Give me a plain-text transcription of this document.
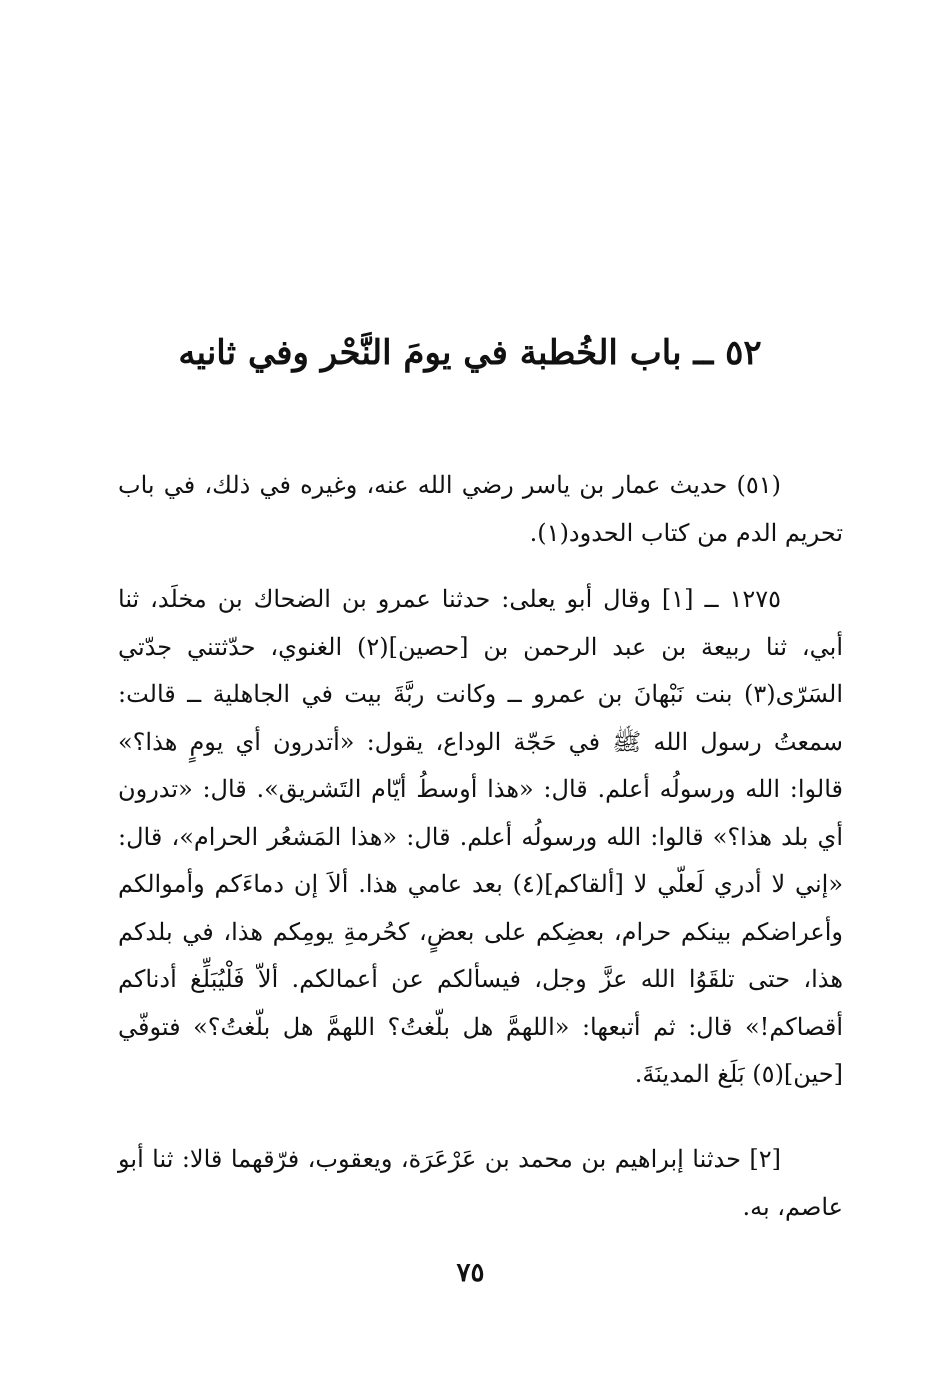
٥٢ ــ باب الخُطبة في يومَ النَّحْر وفي ثانيه

(٥١) حديث عمار بن ياسر رضي الله عنه، وغيره في ذلك، في باب تحريم الدم من كتاب الحدود(١).

١٢٧٥ ــ [١] وقال أبو يعلى: حدثنا عمرو بن الضحاك بن مخلَد، ثنا أبي، ثنا ربيعة بن عبد الرحمن بن [حصين](٢) الغنوي، حدّثتني جدّتي السَرّى(٣) بنت نَبْهانَ بن عمرو ــ وكانت ربَّةَ بيت في الجاهلية ــ قالت: سمعتُ رسول الله ﷺ في حَجّة الوداع، يقول: «أتدرون أي يومٍ هذا؟» قالوا: الله ورسولُه أعلم. قال: «هذا أوسطُ أيّام التَشريق». قال: «تدرون أي بلد هذا؟» قالوا: الله ورسولُه أعلم. قال: «هذا المَشعُر الحرام»، قال: «إني لا أدري لَعلّي لا [ألقاكم](٤) بعد عامي هذا. ألاَ إن دماءَكم وأموالكم وأعراضكم بينكم حرام، بعضِكم على بعضٍ، كحُرمةِ يومِكم هذا، في بلدكم هذا، حتى تلقَوُا الله عزَّ وجل، فيسألكم عن أعمالكم. ألاّ فَلْيُبَلِّغ أدناكم أقصاكم!» قال: ثم أتبعها: «اللهمَّ هل بلّغتُ؟ اللهمَّ هل بلّغتُ؟» فتوفّي [حين](٥) بَلَغ المدينَةَ.

[٢] حدثنا إبراهيم بن محمد بن عَرْعَرَة، ويعقوب، فرّقهما قالا: ثنا أبو عاصم، به.

٧٥
